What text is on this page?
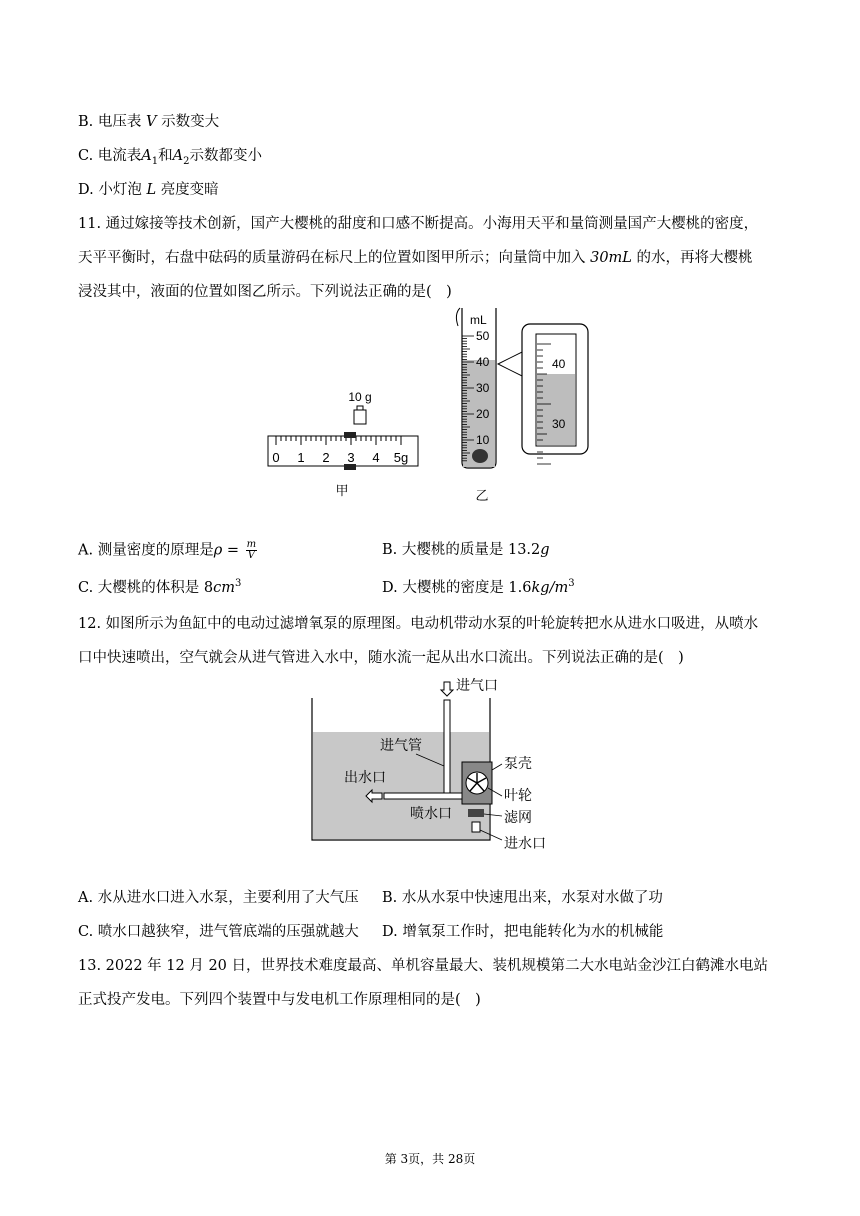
B. 电压表 V 示数变大
C. 电流表$A_1$和$A_2$示数都变小
D. 小灯泡 L 亮度变暗
11. 通过嫁接等技术创新，国产大樱桃的甜度和口感不断提高。小海用天平和量筒测量国产大樱桃的密度，
天平平衡时，右盘中砝码的质量游码在标尺上的位置如图甲所示；向量筒中加入 30mL 的水，再将大樱桃
浸没其中，液面的位置如图乙所示。下列说法正确的是(　)
10 g
0 1 2 3 4 5g
甲
mL
50
40
30
20
10
40
30
乙
A. 测量密度的原理是$\rho = \frac{m}{V}$	B. 大樱桃的质量是 13.2g
C. 大樱桃的体积是 $8cm^3$	D. 大樱桃的密度是 $1.6kg/m^3$
12. 如图所示为鱼缸中的电动过滤增氧泵的原理图。电动机带动水泵的叶轮旋转把水从进水口吸进，从喷水
口中快速喷出，空气就会从进气管进入水中，随水流一起从出水口流出。下列说法正确的是(　)
进气口
进气管
泵壳
出水口
叶轮
喷水口	滤网
进水口
A. 水从进水口进入水泵，主要利用了大气压 B. 水从水泵中快速甩出来，水泵对水做了功
C. 喷水口越狭窄，进气管底端的压强就越大 D. 增氧泵工作时，把电能转化为水的机械能
13. 2022 年 12 月 20 日，世界技术难度最高、单机容量最大、装机规模第二大水电站金沙江白鹤滩水电站
正式投产发电。下列四个装置中与发电机工作原理相同的是(　)
第 3页，共 28页
